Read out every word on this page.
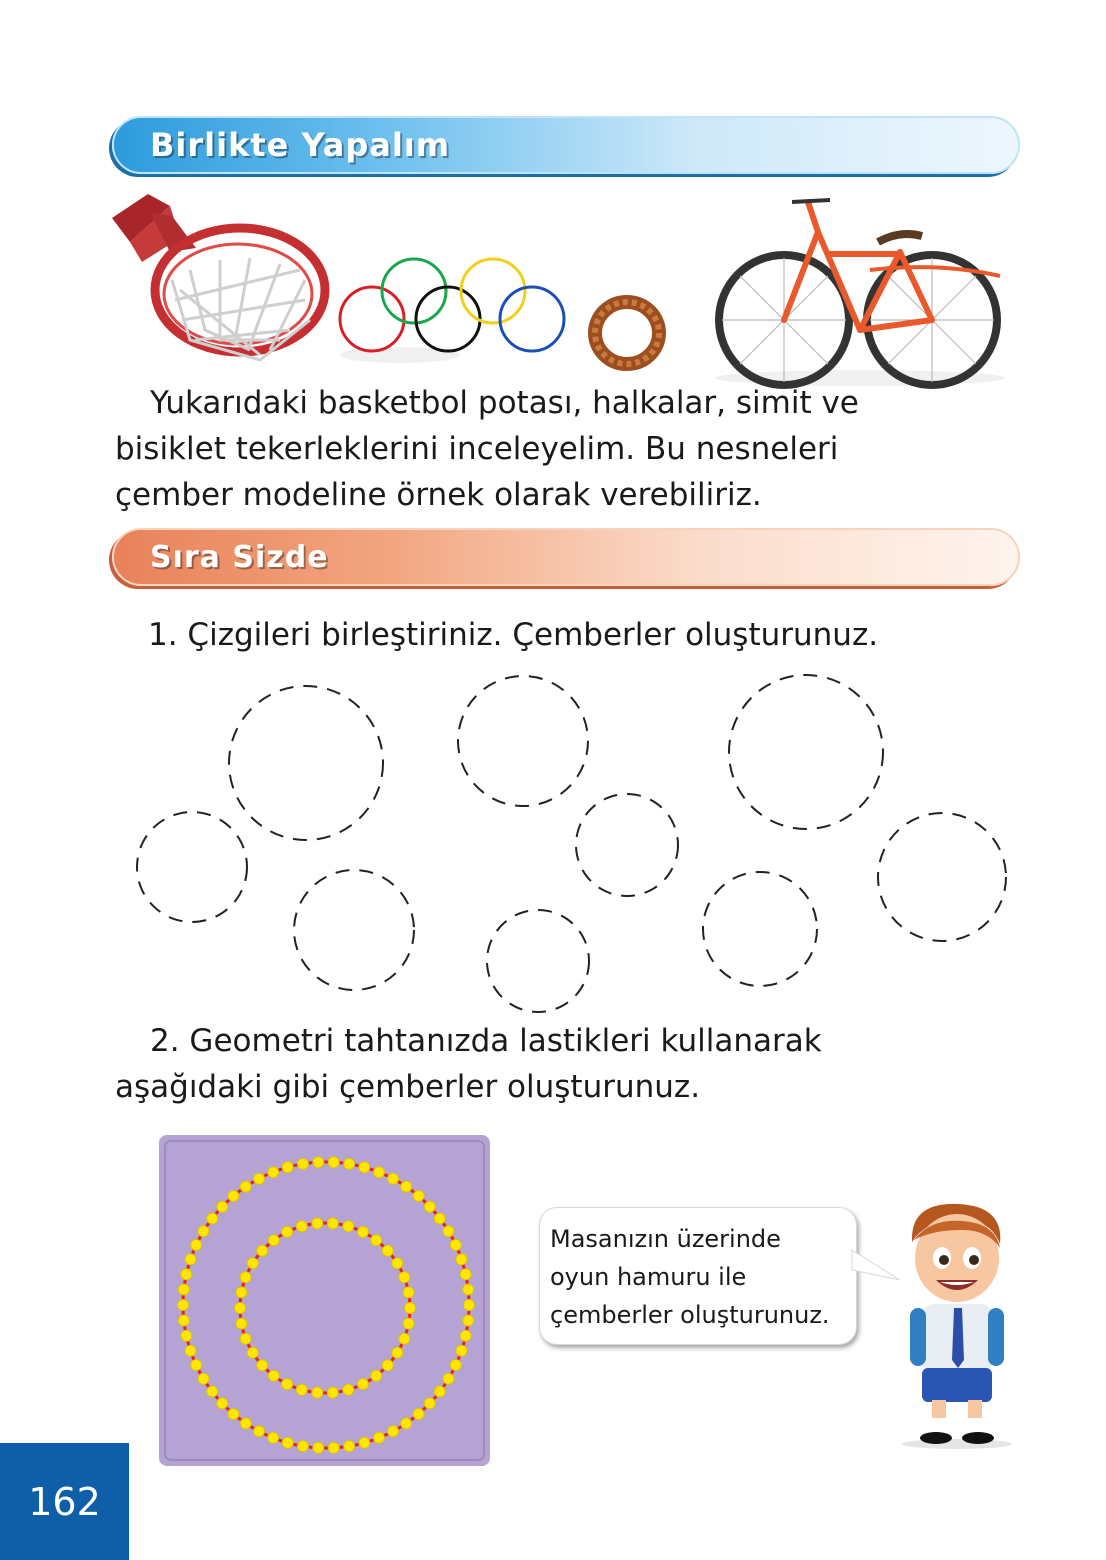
Birlikte Yapalım
Yukarıdaki basketbol potası, halkalar, simit ve
bisiklet tekerleklerini inceleyelim. Bu nesneleri
çember modeline örnek olarak verebiliriz.
Sıra Sizde
1. Çizgileri birleştiriniz. Çemberler oluşturunuz.
2. Geometri tahtanızda lastikleri kullanarak
aşağıdaki gibi çemberler oluşturunuz.
Masanızın üzerinde
oyun hamuru ile
çemberler oluşturunuz.
162
